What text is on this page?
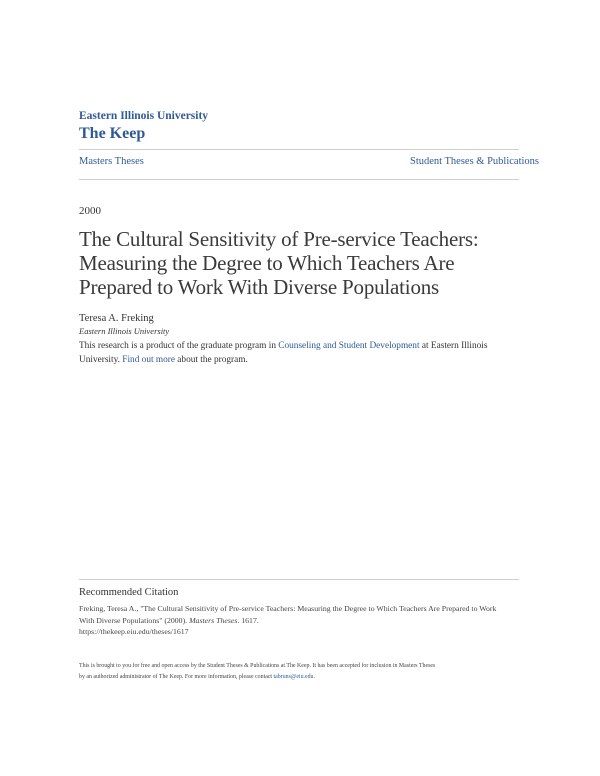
Eastern Illinois University
The Keep
Masters Theses	Student Theses & Publications
2000
The Cultural Sensitivity of Pre-service Teachers:
Measuring the Degree to Which Teachers Are
Prepared to Work With Diverse Populations
Teresa A. Freking
Eastern Illinois University
This research is a product of the graduate program in Counseling and Student Development at Eastern Illinois
University. Find out more about the program.
Recommended Citation
Freking, Teresa A., "The Cultural Sensitivity of Pre-service Teachers: Measuring the Degree to Which Teachers Are Prepared to Work
With Diverse Populations" (2000). Masters Theses. 1617.
https://thekeep.eiu.edu/theses/1617
This is brought to you for free and open access by the Student Theses & Publications at The Keep. It has been accepted for inclusion in Masters Theses
by an authorized administrator of The Keep. For more information, please contact tabruns@eiu.edu.
